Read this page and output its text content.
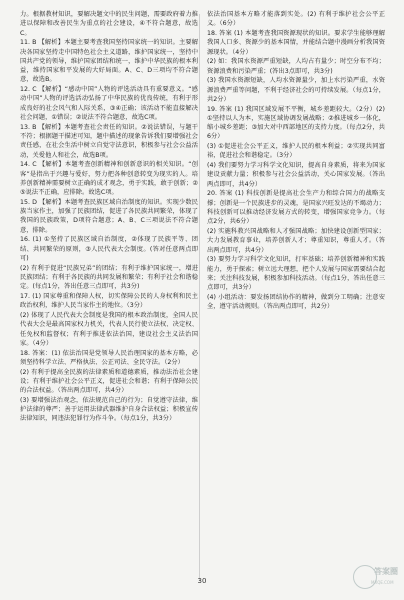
力。根据教材知识，要解决题文中的民生问题，需要政府着力推进以保障和改善民生为重点的社会建设，④不符合题意，故选C。

11. B 【解析】本题主要考查我国坚持国家统一的知识。主要解决各国家坚持走中国特色社会主义道路，维护国家统一，坚持中国共产党的领导，维护国家团结和统一，维护中华民族的根本利益，维持国家和平发展的大好局面。A、C、D三项均不符合题意，故选B。

12. C 【解析】“感动中国”人物的评选活动具有重要意义。“感动中国”人物的评选活动弘扬了中华民族的优良传统，有利于形成良好的社会风气和人际关系，③④正确；该活动不能直接解决社会问题，①错误；②说法不符合题意，故选C项。

13. B 【解析】本题考查社会责任的知识。②说法错误，与题干不符；根据题干描述可知，题中描述的现象告诉我们要增强社会责任感，在社会生活中树立自觉守法意识，积极参与社会公益活动，关爱他人和社会，故选B项。

14. C 【解析】本题考查创新精神和创新意识的相关知识。“创客”是指出于兴趣与爱好，努力把各种创意转变为现实的人。培养创新精神需要树立正确的成才观念，勇于实践，敢于创新；②⑤说法不正确，应排除。故选C项。

15. D 【解析】本题考查民族区域自治制度的知识。实现少数民族当家作主，加强了民族团结，促进了各民族共同繁荣，体现了我国的民族政策，D项符合题意；A、B、C三项说法不符合题意，排除。

16. (1) ①坚持了民族区域自治制度，②体现了民族平等、团结、共同繁荣的原则，③人民代表大会制度。(答对任意两点即可)

(2) 有利于促进“民族兄弟”的团结；有利于维护国家统一，增进民族团结；有利于各民族的共同发展和繁荣；有利于社会和谐稳定。(每点1分，答出任意三点即可，共3分)

17. (1) 国家尊重和保障人权，切实保障公民的人身权利和民主政治权利，维护人民当家作主的地位。（3分）

(2) 体现了人民代表大会制度是我国的根本政治制度，全国人民代表大会是最高国家权力机关，代表人民行使立法权、决定权、任免权和监督权；有利于推进依法治国，建设社会主义法治国家。（4分）

18. 答案：(1) 依法治国是党领导人民治理国家的基本方略，必须坚持科学立法、严格执法、公正司法、全民守法。（2分）

(2) 有利于提高全民族的法律素质和道德素质，推动法治社会建设；有利于维护社会公平正义，促进社会和谐；有利于保障公民的合法权益。（答出两点即可，共4分）

(3) 要增强法治观念，依法规范自己的行为；自觉遵守法律，维护法律的尊严；善于运用法律武器维护自身合法权益；积极宣传法律知识，同违法犯罪行为作斗争。（每点1分，共3分）

依法治国基本方略才能落到实处。(2) 有利于维护社会公平正义。（6分）

18. 答案 (1) 本题考查我国资源现状的知识。要求学生能够理解我国人口多、资源少的基本国情，并能结合题中漫画分析我国资源现状。（4分）

(2) 如：我国水资源严重短缺，人均占有量少；时空分布不均；资源浪费和污染严重；(答出3点即可，共3分)

(3) 我国水资源短缺，人均水资源量少，加上水污染严重，水资源浪费严重等问题，不利于经济社会的可持续发展。（每点1分，共2分）

19. 答案 (1) 我国区域发展不平衡，城乡差距较大。（2分）(2) ①坚持以人为本，实施区域协调发展战略；②推进城乡一体化，缩小城乡差距；③加大对中西部地区的支持力度。（每点2分，共6分）

(3) ①促进社会公平正义，维护人民的根本利益；②实现共同富裕，促进社会和谐稳定。（3分）

(4) 我们要努力学习科学文化知识，提高自身素质，将来为国家建设贡献力量；积极参与社会公益活动，关心国家发展。（答出两点即可，共4分）

20. 答案 (1) 科技创新是提高社会生产力和综合国力的战略支撑；创新是一个民族进步的灵魂，是国家兴旺发达的不竭动力；科技创新可以推动经济发展方式的转变，增强国家竞争力。（每点2分，共6分）

(2) 实施科教兴国战略和人才强国战略；加快建设创新型国家；大力发展教育事业，培养创新人才；尊重知识，尊重人才。（答出两点即可，共4分）

(3) 要努力学习科学文化知识，打牢基础；培养创新精神和实践能力，勇于探索；树立远大理想，把个人发展与国家需要结合起来；关注科技发展，积极参加科技活动。（每点1分，答出任意三点即可，共3分）

(4) 小组活动：要发扬团结协作的精神，做到分工明确；注意安全，遵守活动规则。（答出两点即可，共2分）

30
答案圈
MXQE.COM
